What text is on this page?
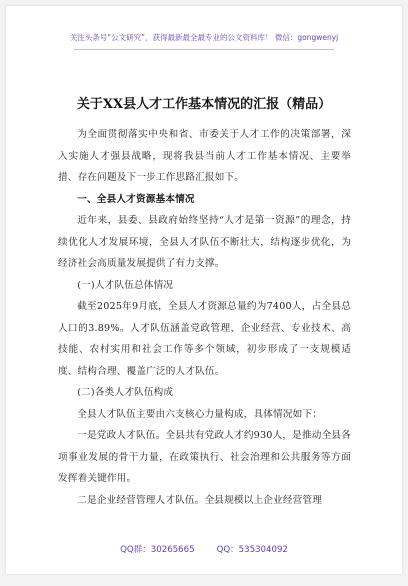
关注头条号“公文研究”，获得最新最全最专业的公文资料库！ 微信：gongwenyj
关于XX县人才工作基本情况的汇报（精品）

为全面贯彻落实中央和省、市委关于人才工作的决策部署，深入实施人才强县战略，现将我县当前人才工作基本情况、主要举措、存在问题及下一步工作思路汇报如下。

一、全县人才资源基本情况

近年来，县委、县政府始终坚持“人才是第一资源”的理念，持续优化人才发展环境，全县人才队伍不断壮大，结构逐步优化，为经济社会高质量发展提供了有力支撑。

(一)人才队伍总体情况

截至2025年9月底，全县人才资源总量约为7400人，占全县总人口的3.89%。人才队伍涵盖党政管理、企业经营、专业技术、高技能、农村实用和社会工作等多个领域，初步形成了一支规模适度、结构合理、覆盖广泛的人才队伍。

(二)各类人才队伍构成

全县人才队伍主要由六支核心力量构成，具体情况如下：

一是党政人才队伍。全县共有党政人才约930人，是推动全县各项事业发展的骨干力量，在政策执行、社会治理和公共服务等方面发挥着关键作用。

二是企业经营管理人才队伍。全县规模以上企业经营管理

QQ群：30265665	QQ：535304092
